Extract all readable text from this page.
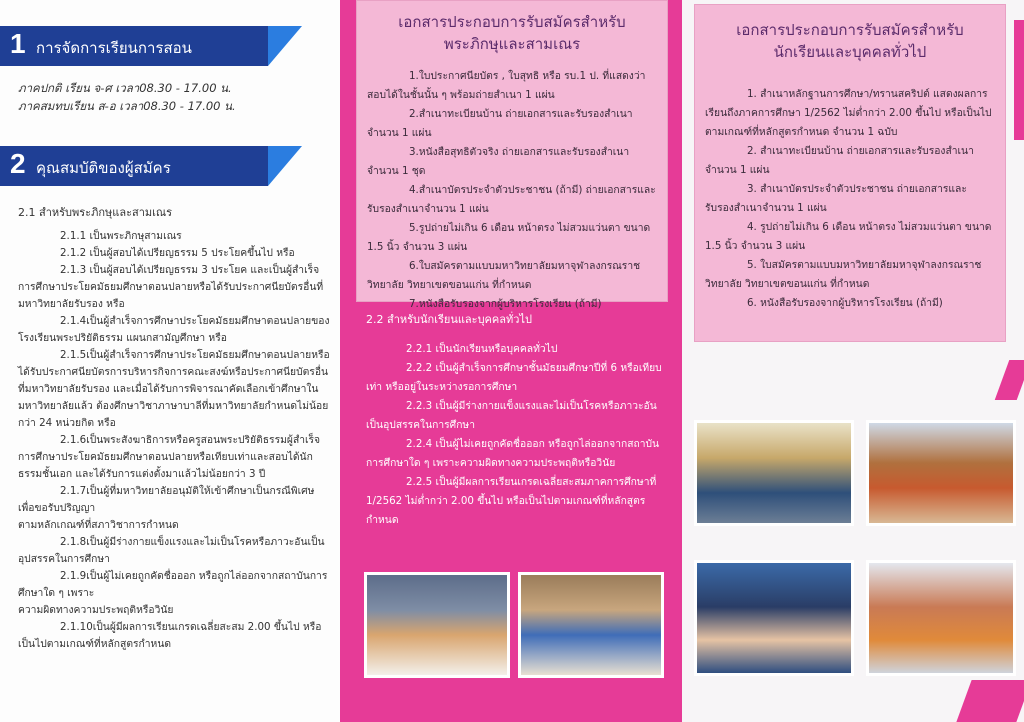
1 การจัดการเรียนการสอน
ภาคปกติ เรียน จ-ศ เวลา08.30 - 17.00 น.
ภาคสมทบเรียน ส-อ เวลา08.30 - 17.00 น.
2 คุณสมบัติของผู้สมัคร
2.1 สำหรับพระภิกษุและสามเณร

2.1.1 เป็นพระภิกษุสามเณร

2.1.2 เป็นผู้สอบได้เปรียญธรรม 5 ประโยคขึ้นไป หรือ

2.1.3 เป็นผู้สอบได้เปรียญธรรม 3 ประโยค และเป็นผู้สำเร็จการศึกษาประโยคมัธยมศึกษาตอนปลายหรือได้รับประกาศนียบัตรอื่นที่มหาวิทยาลัยรับรอง หรือ

2.1.4เป็นผู้สำเร็จการศึกษาประโยคมัธยมศึกษาตอนปลายของโรงเรียนพระปริยัติธรรม แผนกสามัญศึกษา หรือ

2.1.5เป็นผู้สำเร็จการศึกษาประโยคมัธยมศึกษาตอนปลายหรือได้รับประกาศนียบัตรการบริหารกิจการคณะสงฆ์หรือประกาศนียบัตรอื่นที่มหาวิทยาลัยรับรอง และเมื่อได้รับการพิจารณาคัดเลือกเข้าศึกษาในมหาวิทยาลัยแล้ว ต้องศึกษาวิชาภาษาบาลีที่มหาวิทยาลัยกำหนดไม่น้อยกว่า 24 หน่วยกิต หรือ

2.1.6เป็นพระสังฆาธิการหรือครูสอนพระปริยัติธรรมผู้สำเร็จการศึกษาประโยคมัธยมศึกษาตอนปลายหรือเทียบเท่าและสอบได้นักธรรมชั้นเอก และได้รับการแต่งตั้งมาแล้วไม่น้อยกว่า 3 ปี

2.1.7เป็นผู้ที่มหาวิทยาลัยอนุมัติให้เข้าศึกษาเป็นกรณีพิเศษเพื่อขอรับปริญญา

ตามหลักเกณฑ์ที่สภาวิชาการกำหนด

2.1.8เป็นผู้มีร่างกายแข็งแรงและไม่เป็นโรคหรือภาวะอันเป็นอุปสรรคในการศึกษา

2.1.9เป็นผู้ไม่เคยถูกคัดชื่อออก หรือถูกไล่ออกจากสถาบันการศึกษาใด ๆ เพราะ

ความผิดทางความประพฤติหรือวินัย

2.1.10เป็นผู้มีผลการเรียนเกรดเฉลี่ยสะสม 2.00 ขึ้นไป หรือเป็นไปตามเกณฑ์ที่หลักสูตรกำหนด

เอกสารประกอบการรับสมัครสำหรับ
พระภิกษุและสามเณร

1.ใบประกาศนียบัตร , ใบสุทธิ หรือ รบ.1 ป. ที่แสดงว่าสอบได้ในชั้นนั้น ๆ พร้อมถ่ายสำเนา 1 แผ่น

2.สำเนาทะเบียนบ้าน ถ่ายเอกสารและรับรองสำเนาจำนวน 1 แผ่น

3.หนังสือสุทธิตัวจริง ถ่ายเอกสารและรับรองสำเนาจำนวน 1 ชุด

4.สำเนาบัตรประจำตัวประชาชน (ถ้ามี) ถ่ายเอกสารและรับรองสำเนาจำนวน 1 แผ่น

5.รูปถ่ายไม่เกิน 6 เดือน หน้าตรง ไม่สวมแว่นตา ขนาด 1.5 นิ้ว จำนวน 3 แผ่น

6.ใบสมัครตามแบบมหาวิทยาลัยมหาจุฬาลงกรณราชวิทยาลัย วิทยาเขตขอนแก่น ที่กำหนด

7.หนังสือรับรองจากผู้บริหารโรงเรียน (ถ้ามี)

2.2 สำหรับนักเรียนและบุคคลทั่วไป

2.2.1 เป็นนักเรียนหรือบุคคลทั่วไป

2.2.2 เป็นผู้สำเร็จการศึกษาชั้นมัธยมศึกษาปีที่ 6 หรือเทียบเท่า หรืออยู่ในระหว่างรอการศึกษา

2.2.3 เป็นผู้มีร่างกายแข็งแรงและไม่เป็นโรคหรือภาวะอันเป็นอุปสรรคในการศึกษา

2.2.4 เป็นผู้ไม่เคยถูกคัดชื่อออก หรือถูกไล่ออกจากสถาบันการศึกษาใด ๆ เพราะความผิดทางความประพฤติหรือวินัย

2.2.5 เป็นผู้มีผลการเรียนเกรดเฉลี่ยสะสมภาคการศึกษาที่ 1/2562 ไม่ต่ำกว่า 2.00 ขึ้นไป หรือเป็นไปตามเกณฑ์ที่หลักสูตรกำหนด

เอกสารประกอบการรับสมัครสำหรับ
นักเรียนและบุคคลทั่วไป

1. สำเนาหลักฐานการศึกษา/ทรานสคริปต์ แสดงผลการเรียนถึงภาคการศึกษา 1/2562 ไม่ต่ำกว่า 2.00 ขึ้นไป หรือเป็นไปตามเกณฑ์ที่หลักสูตรกำหนด จำนวน 1 ฉบับ

2. สำเนาทะเบียนบ้าน ถ่ายเอกสารและรับรองสำเนาจำนวน 1 แผ่น

3. สำเนาบัตรประจำตัวประชาชน ถ่ายเอกสารและรับรองสำเนาจำนวน 1 แผ่น

4. รูปถ่ายไม่เกิน 6 เดือน หน้าตรง ไม่สวมแว่นตา ขนาด 1.5 นิ้ว จำนวน 3 แผ่น

5. ใบสมัครตามแบบมหาวิทยาลัยมหาจุฬาลงกรณราชวิทยาลัย วิทยาเขตขอนแก่น ที่กำหนด

6. หนังสือรับรองจากผู้บริหารโรงเรียน (ถ้ามี)
